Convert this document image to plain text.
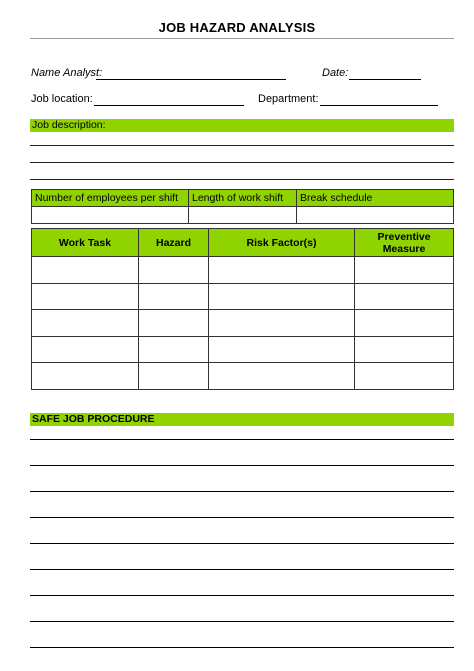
JOB HAZARD ANALYSIS
Name Analyst:	Date:
Job location:	Department:
Job description:
Number of employees per shift	Length of work shift	Break schedule

Work Task	Hazard	Risk Factor(s)	Preventive Measure

SAFE JOB PROCEDURE
